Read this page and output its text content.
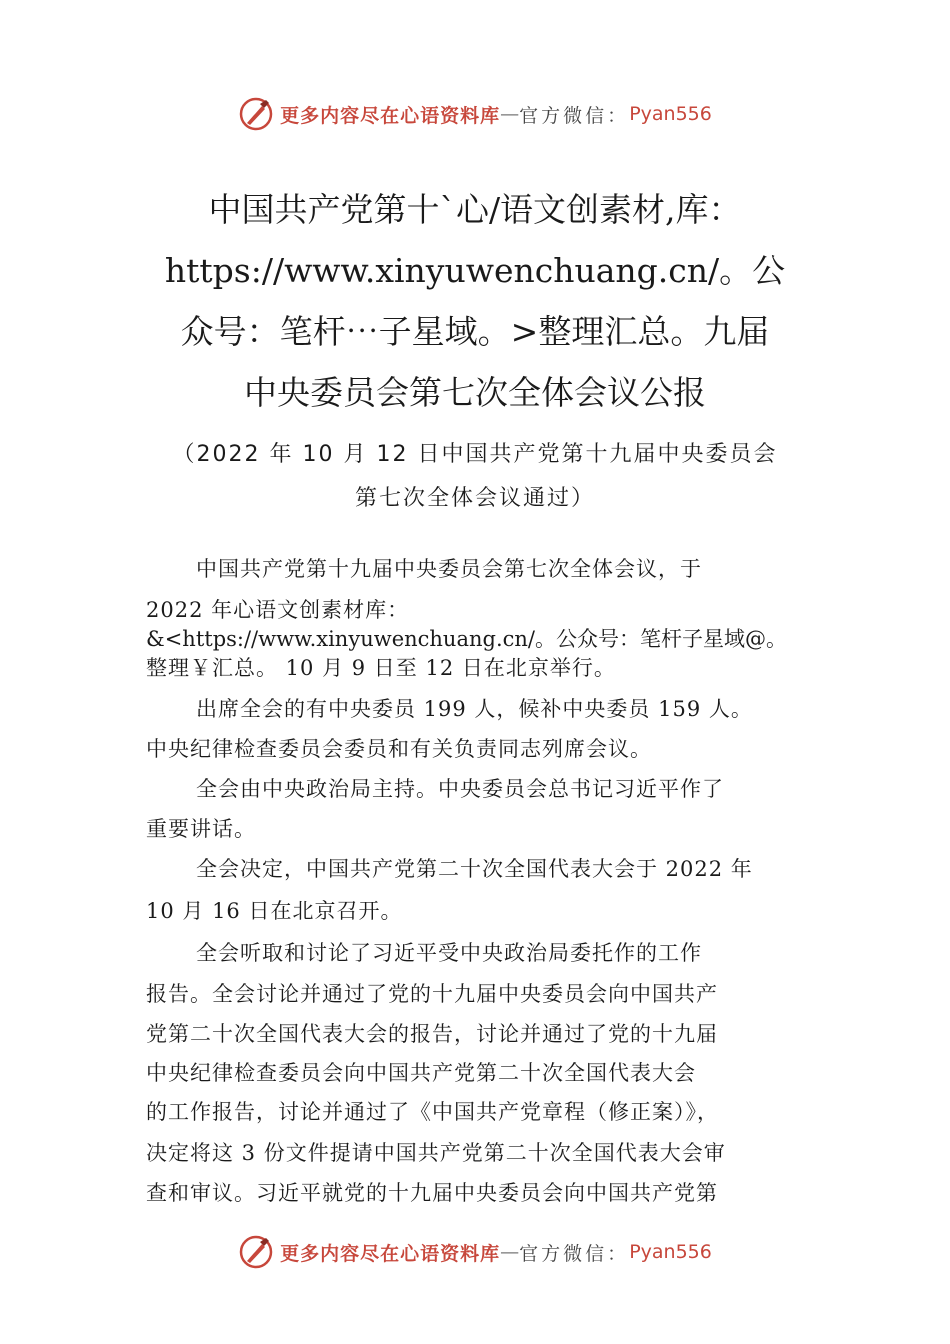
更多内容尽在心语资料库 — 官方微信： Pyan556
中国共产党第十`心/语文创素材,库：
https://www.xinyuwenchuang.cn/。公
众号：笔杆⋯子星域。>整理汇总。九届
中央委员会第七次全体会议公报
（2022 年 10 月 12 日中国共产党第十九届中央委员会
第七次全体会议通过）
中国共产党第十九届中央委员会第七次全体会议，于
2022 年心语文创素材库：
&<https://www.xinyuwenchuang.cn/。公众号：笔杆子星域@。
整理￥汇总。 10 月 9 日至 12 日在北京举行。
出席全会的有中央委员 199 人，候补中央委员 159 人。
中央纪律检查委员会委员和有关负责同志列席会议。
全会由中央政治局主持。中央委员会总书记习近平作了
重要讲话。
全会决定，中国共产党第二十次全国代表大会于 2022 年
10 月 16 日在北京召开。
全会听取和讨论了习近平受中央政治局委托作的工作
报告。全会讨论并通过了党的十九届中央委员会向中国共产
党第二十次全国代表大会的报告，讨论并通过了党的十九届
中央纪律检查委员会向中国共产党第二十次全国代表大会
的工作报告，讨论并通过了《中国共产党章程（修正案）》，
决定将这 3 份文件提请中国共产党第二十次全国代表大会审
查和审议。习近平就党的十九届中央委员会向中国共产党第
更多内容尽在心语资料库 — 官方微信： Pyan556
